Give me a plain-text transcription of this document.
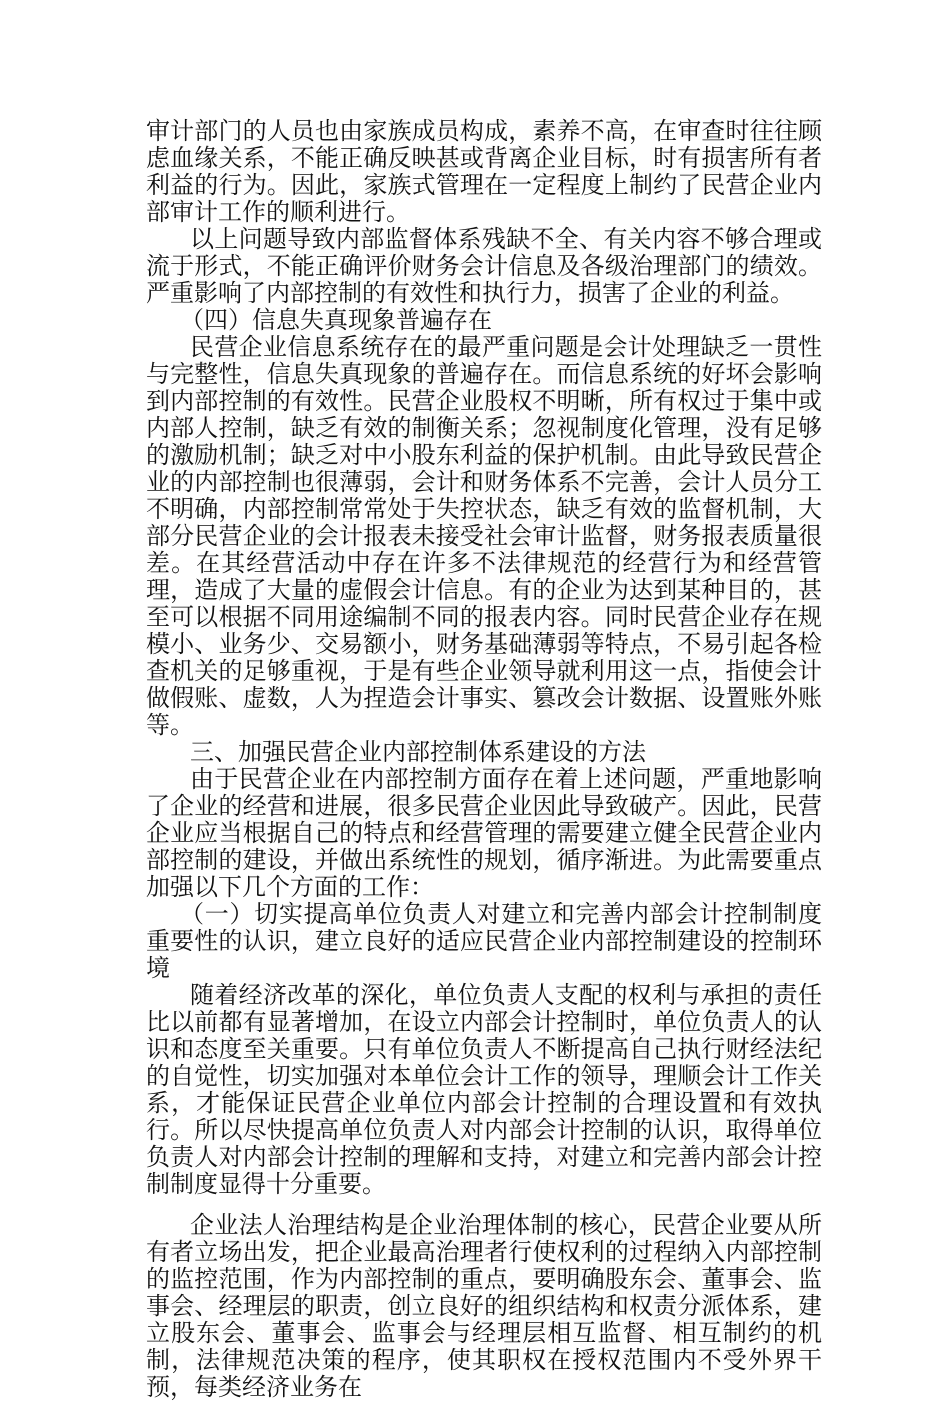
审计部门的人员也由家族成员构成，素养不高，在审查时往往顾虑血缘关系，不能正确反映甚或背离企业目标，时有损害所有者利益的行为。因此，家族式管理在一定程度上制约了民营企业内部审计工作的顺利进行。

以上问题导致内部监督体系残缺不全、有关内容不够合理或流于形式，不能正确评价财务会计信息及各级治理部门的绩效。严重影响了内部控制的有效性和执行力，损害了企业的利益。

（四）信息失真现象普遍存在

民营企业信息系统存在的最严重问题是会计处理缺乏一贯性与完整性，信息失真现象的普遍存在。而信息系统的好坏会影响到内部控制的有效性。民营企业股权不明晰，所有权过于集中或内部人控制，缺乏有效的制衡关系；忽视制度化管理，没有足够的激励机制；缺乏对中小股东利益的保护机制。由此导致民营企业的内部控制也很薄弱，会计和财务体系不完善，会计人员分工不明确，内部控制常常处于失控状态，缺乏有效的监督机制，大部分民营企业的会计报表未接受社会审计监督，财务报表质量很差。在其经营活动中存在许多不法律规范的经营行为和经营管理，造成了大量的虚假会计信息。有的企业为达到某种目的，甚至可以根据不同用途编制不同的报表内容。同时民营企业存在规模小、业务少、交易额小，财务基础薄弱等特点，不易引起各检查机关的足够重视，于是有些企业领导就利用这一点，指使会计做假账、虚数，人为捏造会计事实、篡改会计数据、设置账外账等。

三、加强民营企业内部控制体系建设的方法

由于民营企业在内部控制方面存在着上述问题，严重地影响了企业的经营和进展，很多民营企业因此导致破产。因此，民营企业应当根据自己的特点和经营管理的需要建立健全民营企业内部控制的建设，并做出系统性的规划，循序渐进。为此需要重点加强以下几个方面的工作：

（一）切实提高单位负责人对建立和完善内部会计控制制度重要性的认识，建立良好的适应民营企业内部控制建设的控制环境

随着经济改革的深化，单位负责人支配的权利与承担的责任比以前都有显著增加，在设立内部会计控制时，单位负责人的认识和态度至关重要。只有单位负责人不断提高自己执行财经法纪的自觉性，切实加强对本单位会计工作的领导，理顺会计工作关系，才能保证民营企业单位内部会计控制的合理设置和有效执行。所以尽快提高单位负责人对内部会计控制的认识，取得单位负责人对内部会计控制的理解和支持，对建立和完善内部会计控制制度显得十分重要。

企业法人治理结构是企业治理体制的核心，民营企业要从所有者立场出发，把企业最高治理者行使权利的过程纳入内部控制的监控范围，作为内部控制的重点，要明确股东会、董事会、监事会、经理层的职责，创立良好的组织结构和权责分派体系，建立股东会、董事会、监事会与经理层相互监督、相互制约的机制，法律规范决策的程序，使其职权在授权范围内不受外界干预，每类经济业务在
